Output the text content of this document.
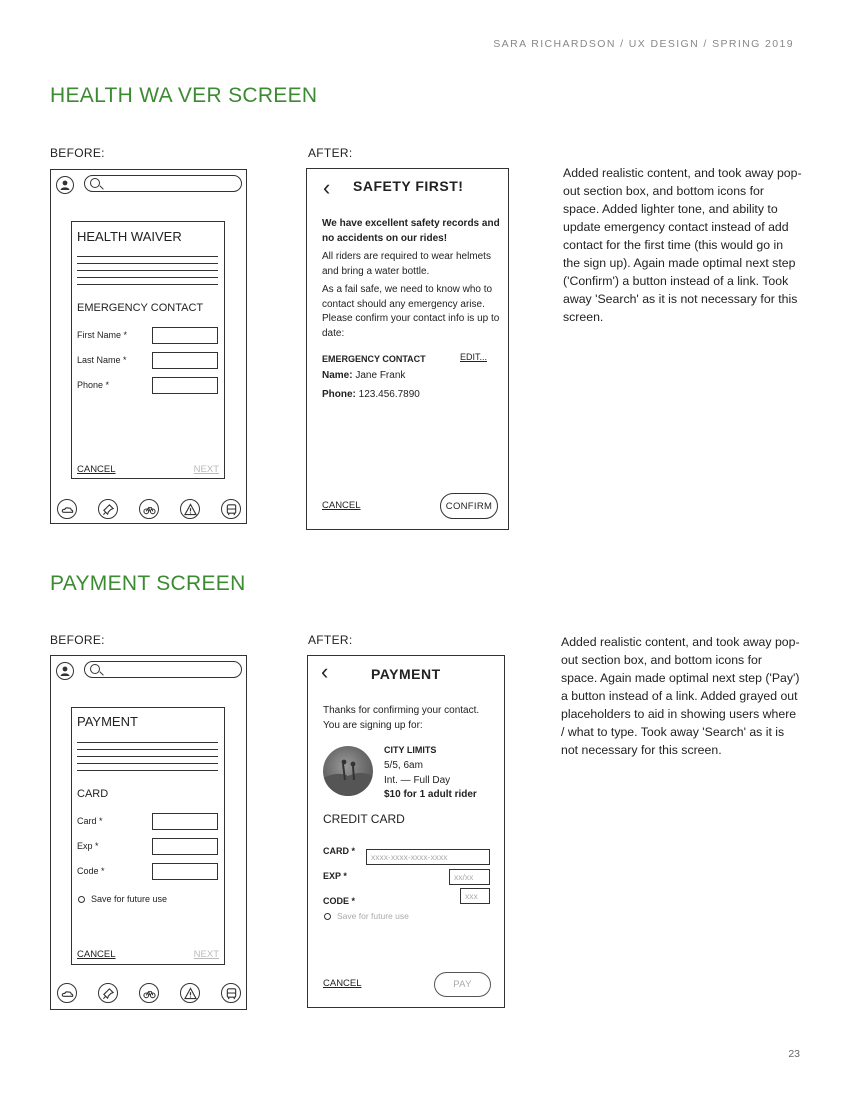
SARA RICHARDSON / UX DESIGN / SPRING 2019
HEALTH WA VER SCREEN
BEFORE:	AFTER:
HEALTH WAIVER
EMERGENCY CONTACT
First Name *
Last Name *
Phone *
CANCEL	NEXT
‹ SAFETY FIRST!
We have excellent safety records and no accidents on our rides!
All riders are required to wear helmets and bring a water bottle.
As a fail safe, we need to know who to contact should any emergency arise. Please confirm your contact info is up to date:
EMERGENCY CONTACT	EDIT...
Name: Jane Frank
Phone: 123.456.7890
CANCEL	CONFIRM
Added realistic content, and took away pop-out section box, and bottom icons for space. Added lighter tone, and ability to update emergency contact instead of add contact for the first time (this would go in the sign up). Again made optimal next step ('Confirm') a button instead of a link. Took away 'Search' as it is not necessary for this screen.
PAYMENT SCREEN
BEFORE:	AFTER:
PAYMENT
CARD
Card *
Exp *
Code *
Save for future use
CANCEL	NEXT
‹	PAYMENT
Thanks for confirming your contact. You are signing up for:
CITY LIMITS
5/5, 6am
Int. — Full Day
$10 for 1 adult rider
CREDIT CARD
CARD *
xxxx-xxxx-xxxx-xxxx
EXP *	xx/xx
CODE *	xxx
Save for future use
CANCEL	PAY
Added realistic content, and took away pop-out section box, and bottom icons for space. Again made optimal next step ('Pay') a button instead of a link. Added grayed out placeholders to aid in showing users where / what to type. Took away 'Search' as it is not necessary for this screen.
23
